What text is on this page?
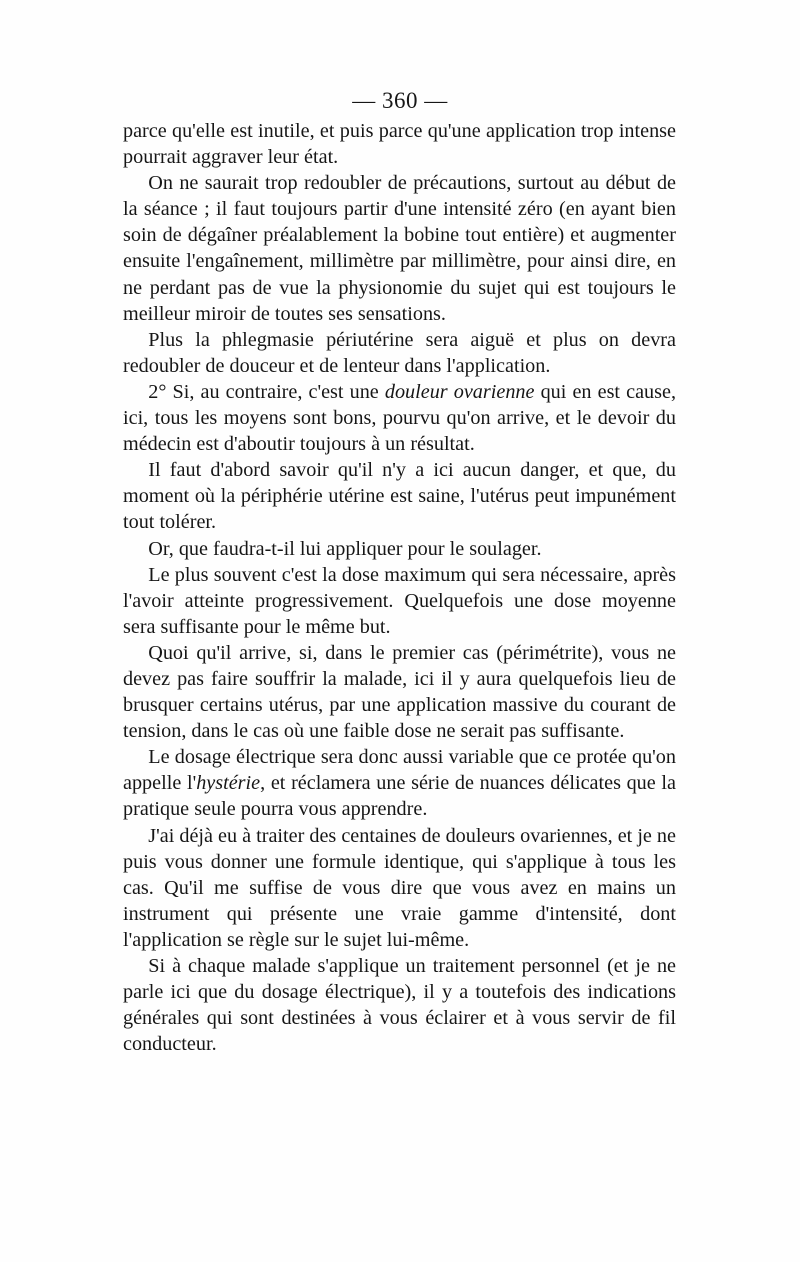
— 360 —

parce qu'elle est inutile, et puis parce qu'une application trop intense pourrait aggraver leur état.

On ne saurait trop redoubler de précautions, surtout au début de la séance ; il faut toujours partir d'une intensité zéro (en ayant bien soin de dégaîner préalablement la bobine tout entière) et augmenter ensuite l'engaînement, millimètre par millimètre, pour ainsi dire, en ne perdant pas de vue la physionomie du sujet qui est toujours le meilleur miroir de toutes ses sensations.

Plus la phlegmasie périutérine sera aiguë et plus on devra redoubler de douceur et de lenteur dans l'application.

2° Si, au contraire, c'est une douleur ovarienne qui en est cause, ici, tous les moyens sont bons, pourvu qu'on arrive, et le devoir du médecin est d'aboutir toujours à un résultat.

Il faut d'abord savoir qu'il n'y a ici aucun danger, et que, du moment où la périphérie utérine est saine, l'utérus peut impunément tout tolérer.

Or, que faudra-t-il lui appliquer pour le soulager.

Le plus souvent c'est la dose maximum qui sera nécessaire, après l'avoir atteinte progressivement. Quelquefois une dose moyenne sera suffisante pour le même but.

Quoi qu'il arrive, si, dans le premier cas (périmétrite), vous ne devez pas faire souffrir la malade, ici il y aura quelquefois lieu de brusquer certains utérus, par une application massive du courant de tension, dans le cas où une faible dose ne serait pas suffisante.

Le dosage électrique sera donc aussi variable que ce protée qu'on appelle l'hystérie, et réclamera une série de nuances délicates que la pratique seule pourra vous apprendre.

J'ai déjà eu à traiter des centaines de douleurs ovariennes, et je ne puis vous donner une formule identique, qui s'applique à tous les cas. Qu'il me suffise de vous dire que vous avez en mains un instrument qui présente une vraie gamme d'intensité, dont l'application se règle sur le sujet lui-même.

Si à chaque malade s'applique un traitement personnel (et je ne parle ici que du dosage électrique), il y a toutefois des indications générales qui sont destinées à vous éclairer et à vous servir de fil conducteur.
